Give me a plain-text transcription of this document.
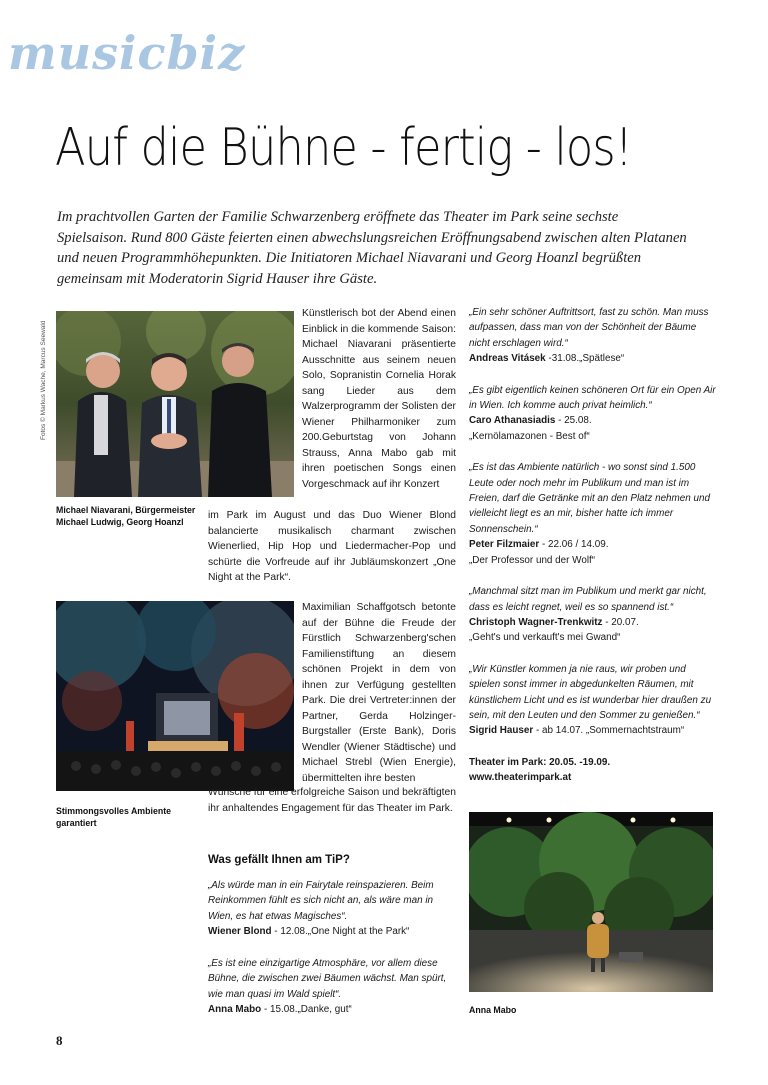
musicbiz
Auf die Bühne - fertig - los!
Im prachtvollen Garten der Familie Schwarzenberg eröffnete das Theater im Park seine sechste Spielsaison. Rund 800 Gäste feierten einen abwechslungsreichen Eröffnungsabend zwischen alten Platanen und neuen Programmhöhepunkten. Die Initiatoren Michael Niavarani und Georg Hoanzl begrüßten gemeinsam mit Moderatorin Sigrid Hauser ihre Gäste.
Fotos © Markus Wache, Marcus Seewald
Michael Niavarani, Bürgermeister Michael Ludwig, Georg Hoanzl
Künstlerisch bot der Abend einen Einblick in die kommende Saison: Michael Niavarani präsentierte Ausschnitte aus seinem neuen Solo, Sopranistin Cornelia Horak sang Lieder aus dem Walzerprogramm der Solisten der Wiener Philharmoniker zum 200.Geburtstag von Johann Strauss, Anna Mabo gab mit ihren poetischen Songs einen Vorgeschmack auf ihr Konzert
im Park im August und das Duo Wiener Blond balancierte musikalisch charmant zwischen Wienerlied, Hip Hop und Liedermacher-Pop und schürte die Vorfreude auf ihr Jubläumskonzert „One Night at the Park“.
Stimmongsvolles Ambiente garantiert
Maximilian Schaffgotsch betonte auf der Bühne die Freude der Fürstlich Schwarzenberg'schen Familienstiftung an diesem schönen Projekt in dem von ihnen zur Verfügung gestellten Park. Die drei Vertreter:innen der Partner, Gerda Holzinger-Burgstaller (Erste Bank), Doris Wendler (Wiener Städtische) und Michael Strebl (Wien Energie), übermittelten ihre besten
Wünsche für eine erfolgreiche Saison und bekräftigten ihr anhaltendes Engagement für das Theater im Park.
Was gefällt Ihnen am TiP?
„Als würde man in ein Fairytale reinspazieren. Beim Reinkommen fühlt es sich nicht an, als wäre man in Wien, es hat etwas Magisches“.
Wiener Blond - 12.08.„One Night at the Park“
„Es ist eine einzigartige Atmosphäre, vor allem diese Bühne, die zwischen zwei Bäumen wächst. Man spürt, wie man quasi im Wald spielt“.
Anna Mabo - 15.08.„Danke, gut“

„Ein sehr schöner Auftrittsort, fast zu schön. Man muss aufpassen, dass man von der Schönheit der Bäume nicht erschlagen wird.“
Andreas Vitásek -31.08.„Spätlese“

„Es gibt eigentlich keinen schöneren Ort für ein Open Air in Wien. Ich komme auch privat heimlich.“
Caro Athanasiadis - 25.08.
„Kernölamazonen - Best of“

„Es ist das Ambiente natürlich - wo sonst sind 1.500 Leute oder noch mehr im Publikum und man ist im Freien, darf die Getränke mit an den Platz nehmen und vielleicht liegt es an mir, bisher hatte ich immer Sonnenschein.“
Peter Filzmaier - 22.06 / 14.09.
„Der Professor und der Wolf“

„Manchmal sitzt man im Publikum und merkt gar nicht, dass es leicht regnet, weil es so spannend ist.“
Christoph Wagner-Trenkwitz - 20.07.
„Geht's und verkauft's mei Gwand“

„Wir Künstler kommen ja nie raus, wir proben und spielen sonst immer in abgedunkelten Räumen, mit künstlichem Licht und es ist wunderbar hier draußen zu sein, mit den Leuten und den Sommer zu genießen.“
Sigrid Hauser - ab 14.07. „Sommernachtstraum“

Theater im Park: 20.05. -19.09.
www.theaterimpark.at

Anna Mabo
8
